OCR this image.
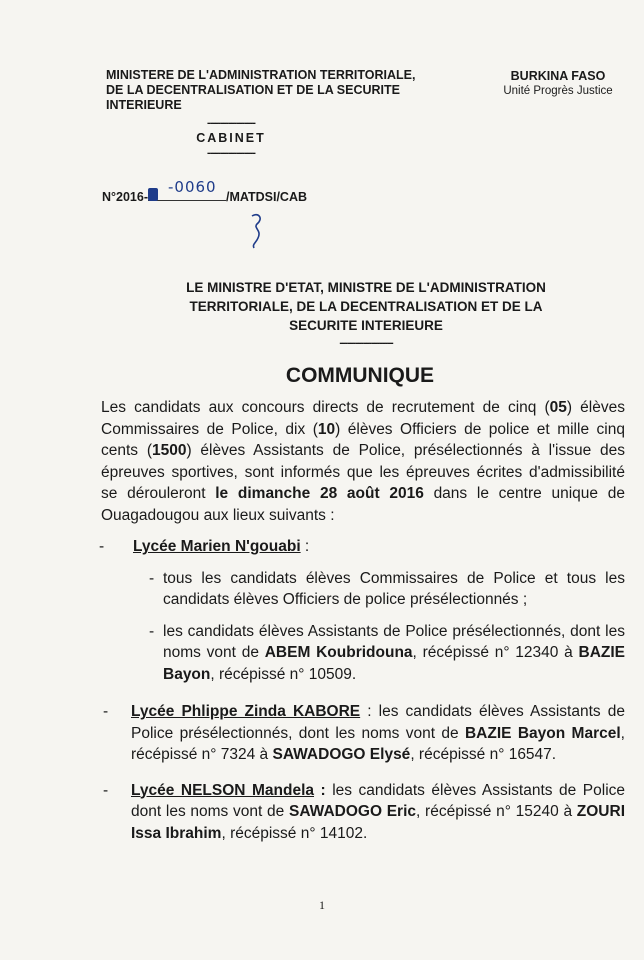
MINISTERE DE L'ADMINISTRATION TERRITORIALE,
DE LA DECENTRALISATION ET DE LA SECURITE
INTERIEURE
------------------
CABINET
------------------
BURKINA FASO
Unité Progrès Justice
N°2016-	/MATDSI/CAB
-0060
LE MINISTRE D'ETAT, MINISTRE DE L'ADMINISTRATION
TERRITORIALE, DE LA DECENTRALISATION ET DE LA
SECURITE INTERIEURE
--------------------
COMMUNIQUE
Les candidats aux concours directs de recrutement de cinq (05) élèves Commissaires de Police, dix (10) élèves Officiers de police et mille cinq cents (1500) élèves Assistants de Police, présélectionnés à l'issue des épreuves sportives, sont informés que les épreuves écrites d'admissibilité se dérouleront le dimanche 28 août 2016 dans le centre unique de Ouagadougou aux lieux suivants :
-	Lycée Marien N'gouabi :
- tous les candidats élèves Commissaires de Police et tous les candidats élèves Officiers de police présélectionnés ;
- les candidats élèves Assistants de Police présélectionnés, dont les noms vont de ABEM Koubridouna, récépissé n° 12340 à BAZIE Bayon, récépissé n° 10509.
-	Lycée Phlippe Zinda KABORE : les candidats élèves Assistants de Police présélectionnés, dont les noms vont de BAZIE Bayon Marcel, récépissé n° 7324 à SAWADOGO Elysé, récépissé n° 16547.
-	Lycée NELSON Mandela : les candidats élèves Assistants de Police dont les noms vont de SAWADOGO Eric, récépissé n° 15240 à ZOURI Issa Ibrahim, récépissé n° 14102.
1
